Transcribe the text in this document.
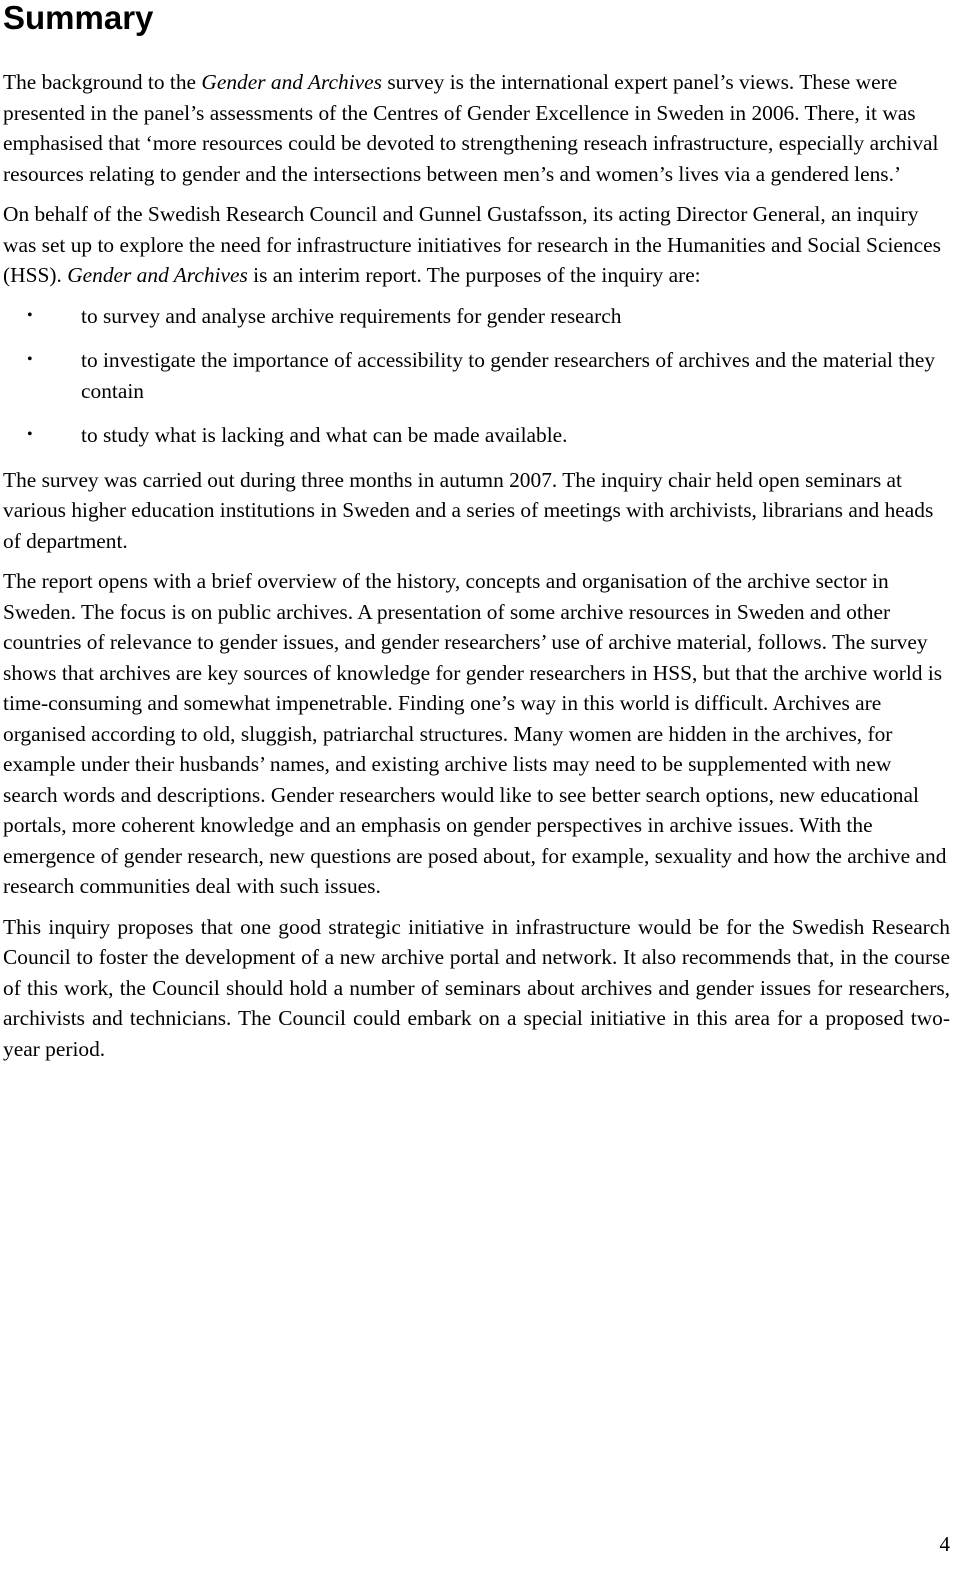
Summary

The background to the Gender and Archives survey is the international expert panel’s views. These were presented in the panel’s assessments of the Centres of Gender Excellence in Sweden in 2006. There, it was emphasised that ‘more resources could be devoted to strengthening reseach infrastructure, especially archival resources relating to gender and the intersections between men’s and women’s lives via a gendered lens.’

On behalf of the Swedish Research Council and Gunnel Gustafsson, its acting Director General, an inquiry was set up to explore the need for infrastructure initiatives for research in the Humanities and Social Sciences (HSS). Gender and Archives is an interim report. The purposes of the inquiry are:

• to survey and analyse archive requirements for gender research
• to investigate the importance of accessibility to gender researchers of archives and the material they contain
• to study what is lacking and what can be made available.

The survey was carried out during three months in autumn 2007. The inquiry chair held open seminars at various higher education institutions in Sweden and a series of meetings with archivists, librarians and heads of department.

The report opens with a brief overview of the history, concepts and organisation of the archive sector in Sweden. The focus is on public archives. A presentation of some archive resources in Sweden and other countries of relevance to gender issues, and gender researchers’ use of archive material, follows. The survey shows that archives are key sources of knowledge for gender researchers in HSS, but that the archive world is time-consuming and somewhat impenetrable. Finding one’s way in this world is difficult. Archives are organised according to old, sluggish, patriarchal structures. Many women are hidden in the archives, for example under their husbands’ names, and existing archive lists may need to be supplemented with new search words and descriptions. Gender researchers would like to see better search options, new educational portals, more coherent knowledge and an emphasis on gender perspectives in archive issues. With the emergence of gender research, new questions are posed about, for example, sexuality and how the archive and research communities deal with such issues.

This inquiry proposes that one good strategic initiative in infrastructure would be for the Swedish Research Council to foster the development of a new archive portal and network. It also recommends that, in the course of this work, the Council should hold a number of seminars about archives and gender issues for researchers, archivists and technicians. The Council could embark on a special initiative in this area for a proposed two-year period.

4
